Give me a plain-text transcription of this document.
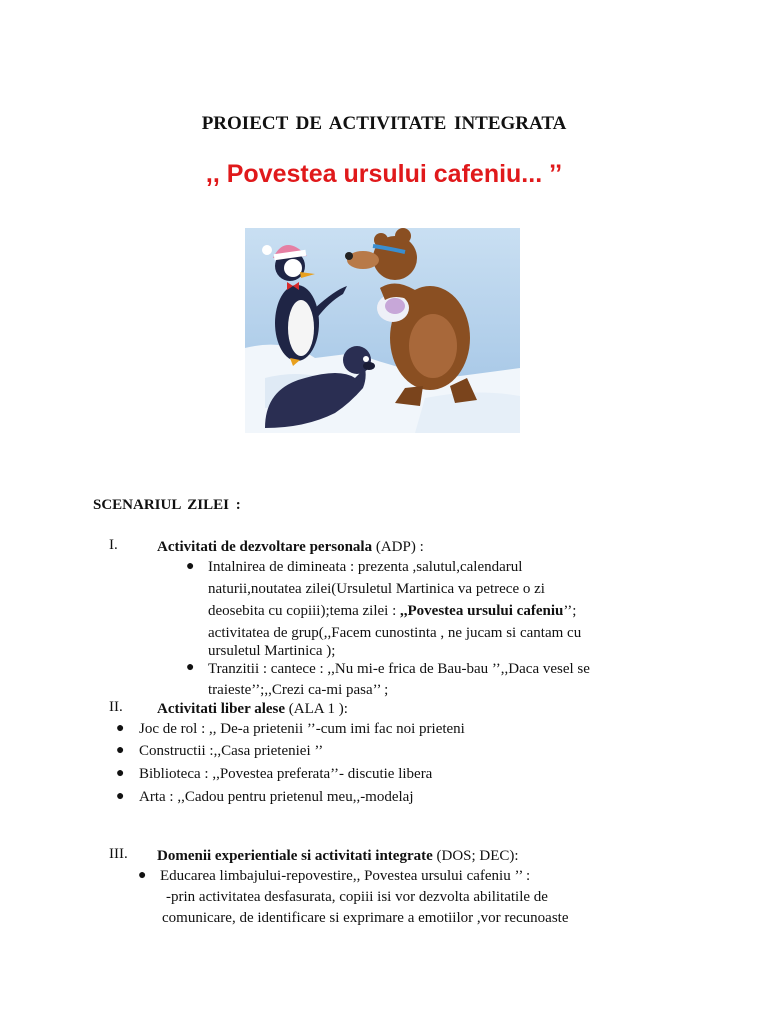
PROIECT DE ACTIVITATE INTEGRATA
,, Povestea ursului cafeniu... ’’

SCENARIUL ZILEI :

I.	Activitati de dezvoltare personala (ADP) :
● Intalnirea de dimineata : prezenta ,salutul,calendarul
naturii,noutatea zilei(Ursuletul Martinica va petrece o zi
deosebita cu copiii);tema zilei : ,,Povestea ursului cafeniu’’;
activitatea de grup(,,Facem cunostinta , ne jucam si cantam cu
ursuletul Martinica );
● Tranzitii : cantece : ,,Nu mi-e frica de Bau-bau ’’,,Daca vesel se
traieste’’;,,Crezi ca-mi pasa’’ ;
II. Activitati liber alese (ALA 1 ):
● Joc de rol : ,, De-a prietenii ’’-cum imi fac noi prieteni
● Constructii :,,Casa prieteniei ’’
● Biblioteca : ,,Povestea preferata’’- discutie libera
● Arta : ,,Cadou pentru prietenul meu,,-modelaj
III. Domenii experientiale si activitati integrate (DOS; DEC):
● Educarea limbajului-repovestire,, Povestea ursului cafeniu ’’ :
-prin activitatea desfasurata, copiii isi vor dezvolta abilitatile de
comunicare, de identificare si exprimare a emotiilor ,vor recunoaste
